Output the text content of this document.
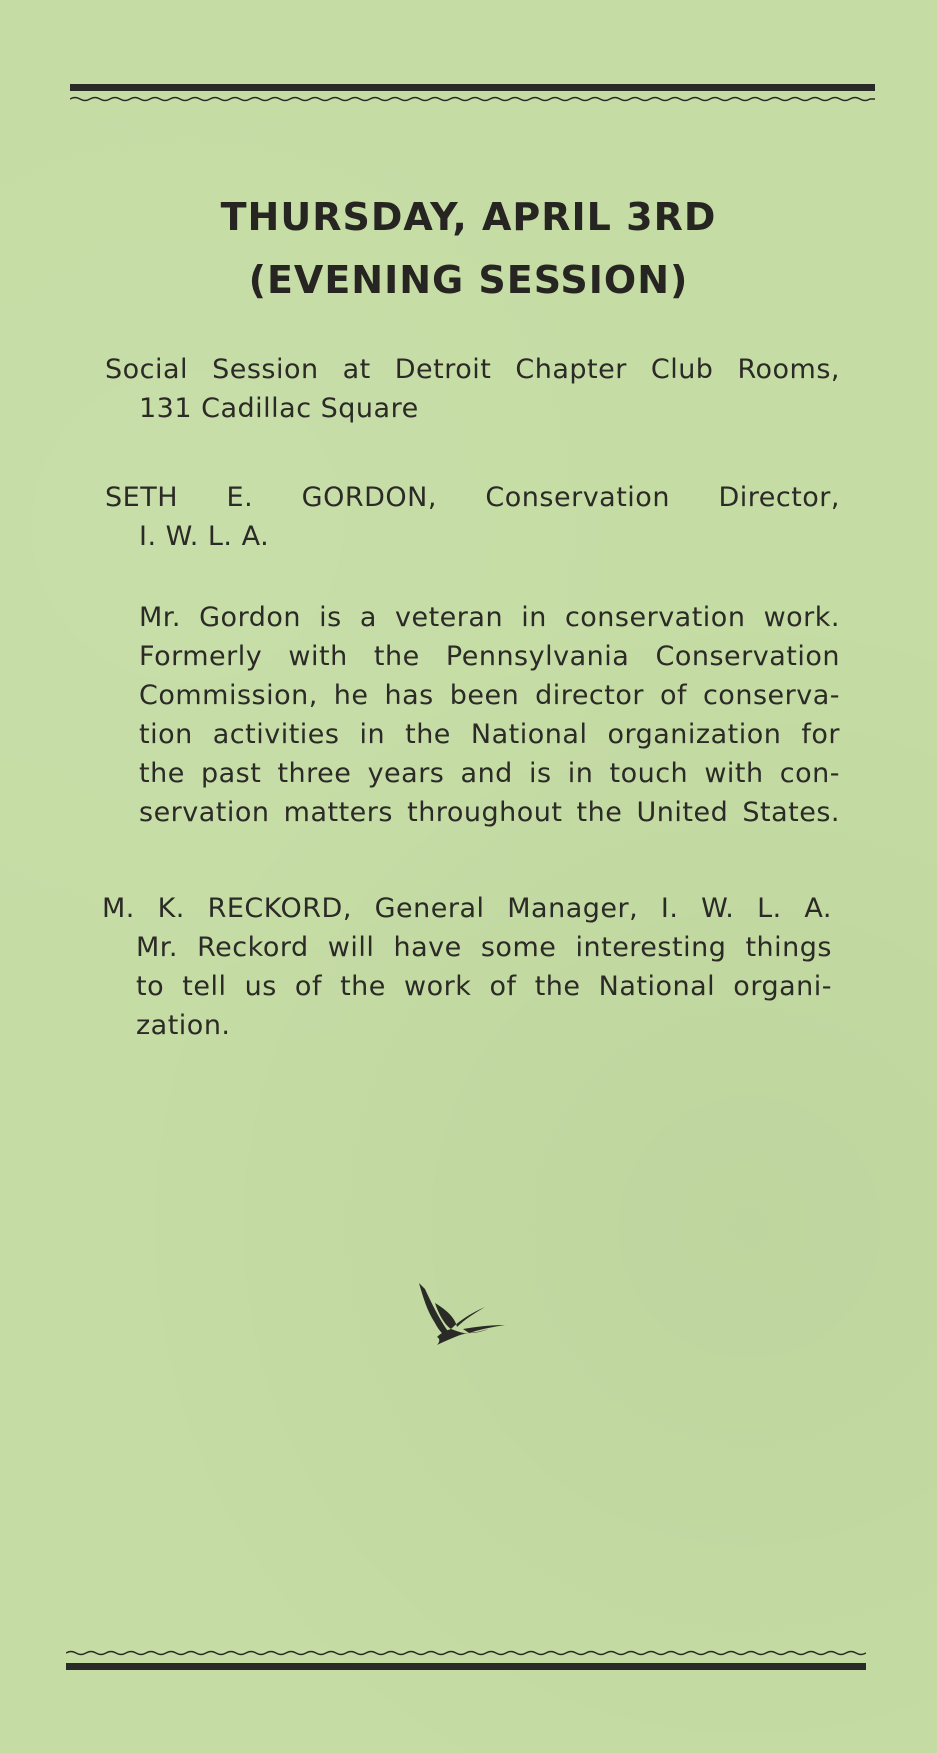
THURSDAY, APRIL 3RD
(EVENING SESSION)
Social Session at Detroit Chapter Club Rooms,
131 Cadillac Square
SETH E. GORDON, Conservation Director,
I. W. L. A.
Mr. Gordon is a veteran in conservation work.
Formerly with the Pennsylvania Conservation
Commission, he has been director of conserva-
tion activities in the National organization for
the past three years and is in touch with con-
servation matters throughout the United States.
M. K. RECKORD, General Manager, I. W. L. A.
Mr. Reckord will have some interesting things
to tell us of the work of the National organi-
zation.
